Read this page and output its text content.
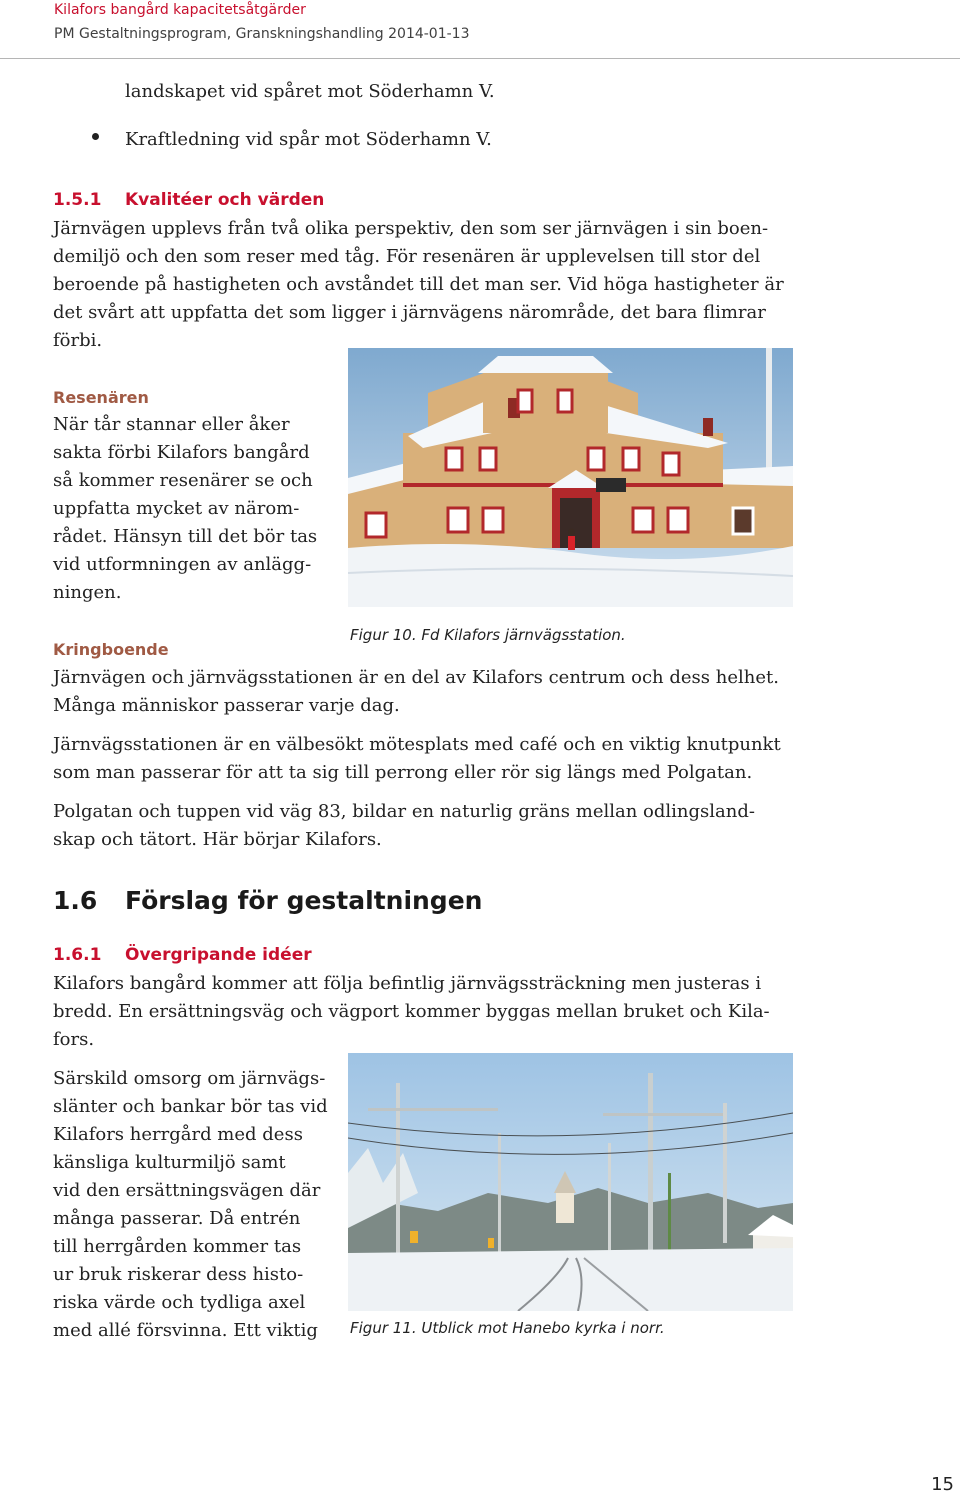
Kilafors bangård kapacitetsåtgärder
PM Gestaltningsprogram, Granskningshandling 2014-01-13
landskapet vid spåret mot Söderhamn V.
Kraftledning vid spår mot Söderhamn V.
1.5.1 Kvalitéer och värden
Järnvägen upplevs från två olika perspektiv, den som ser järnvägen i sin boen-
demiljö och den som reser med tåg. För resenären är upplevelsen till stor del
beroende på hastigheten och avståndet till det man ser. Vid höga hastigheter är
det svårt att uppfatta det som ligger i järnvägens närområde, det bara flimrar
förbi.
Resenären
När tår stannar eller åker
sakta förbi Kilafors bangård
så kommer resenärer se och
uppfatta mycket av närom-
rådet. Hänsyn till det bör tas
vid utformningen av anlägg-
ningen.
Figur 10. Fd Kilafors järnvägsstation.
Kringboende
Järnvägen och järnvägsstationen är en del av Kilafors centrum och dess helhet.
Många människor passerar varje dag.
Järnvägsstationen är en välbesökt mötesplats med café och en viktig knutpunkt
som man passerar för att ta sig till perrong eller rör sig längs med Polgatan.
Polgatan och tuppen vid väg 83, bildar en naturlig gräns mellan odlingsland-
skap och tätort. Här börjar Kilafors.
1.6 Förslag för gestaltningen
1.6.1 Övergripande idéer
Kilafors bangård kommer att följa befintlig järnvägssträckning men justeras i
bredd. En ersättningsväg och vägport kommer byggas mellan bruket och Kila-
fors.
Särskild omsorg om järnvägs-
slänter och bankar bör tas vid
Kilafors herrgård med dess
känsliga kulturmiljö samt
vid den ersättningsvägen där
många passerar. Då entrén
till herrgården kommer tas
ur bruk riskerar dess histo-
riska värde och tydliga axel
med allé försvinna. Ett viktig Figur 11. Utblick mot Hanebo kyrka i norr.
15
